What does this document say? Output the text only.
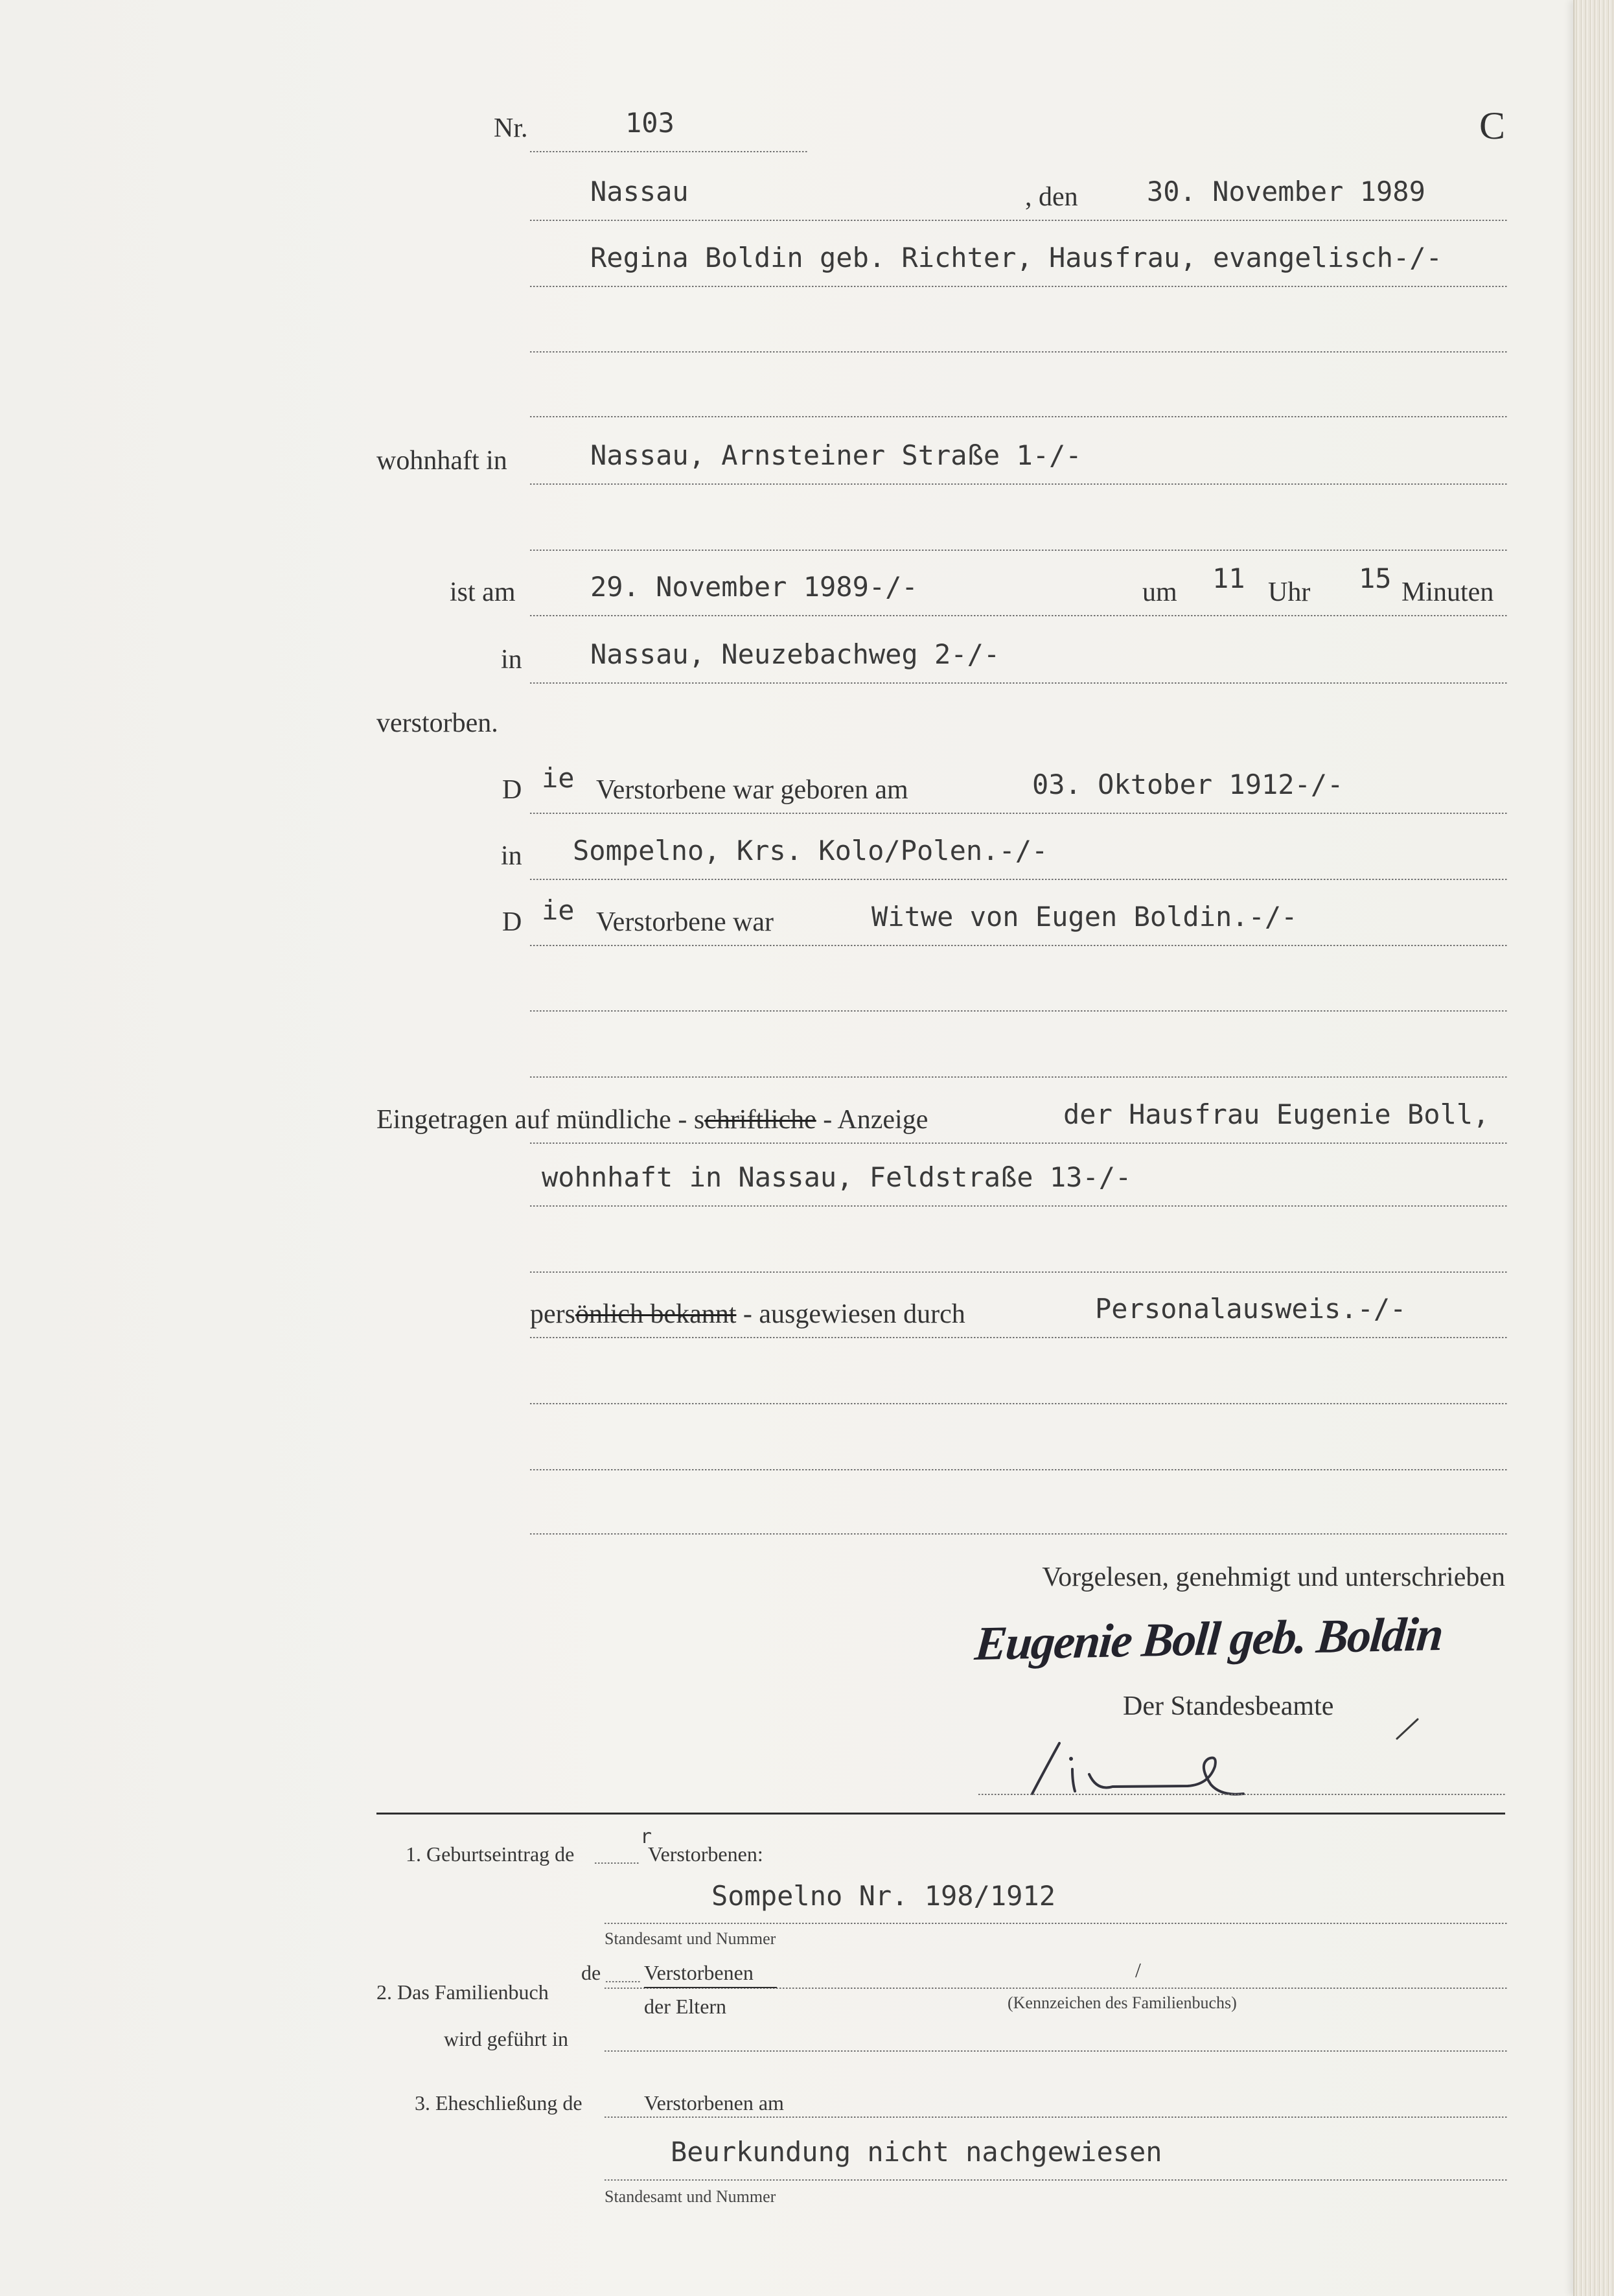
Nr.	103	C
Nassau	, den	30. November 1989
Regina Boldin geb. Richter, Hausfrau, evangelisch-/-
wohnhaft in	Nassau, Arnsteiner Straße 1-/-
ist am	29. November 1989-/-	um 11 Uhr 15 Minuten
in	Nassau, Neuzebachweg 2-/-
verstorben.
D ie Verstorbene war geboren am	03. Oktober 1912-/-
in Sompelno, Krs. Kolo/Polen.-/-
D ie Verstorbene war	Witwe von Eugen Boldin.-/-
Eingetragen auf mündliche - schriftliche - Anzeige	der Hausfrau Eugenie Boll,
wohnhaft in Nassau, Feldstraße 13-/-
persönlich bekannt - ausgewiesen durch	Personalausweis.-/-
Vorgelesen, genehmigt und unterschrieben
Eugenie Boll geb. Boldin
Der Standesbeamte
1. Geburtseintrag de
r
Verstorbenen:
Sompelno Nr. 198/1912
Standesamt und Nummer
de Verstorbenen	/
2. Das Familienbuch
der Eltern	(Kennzeichen des Familienbuchs)
wird geführt in
3. Eheschließung de	Verstorbenen am
Beurkundung nicht nachgewiesen
Standesamt und Nummer
